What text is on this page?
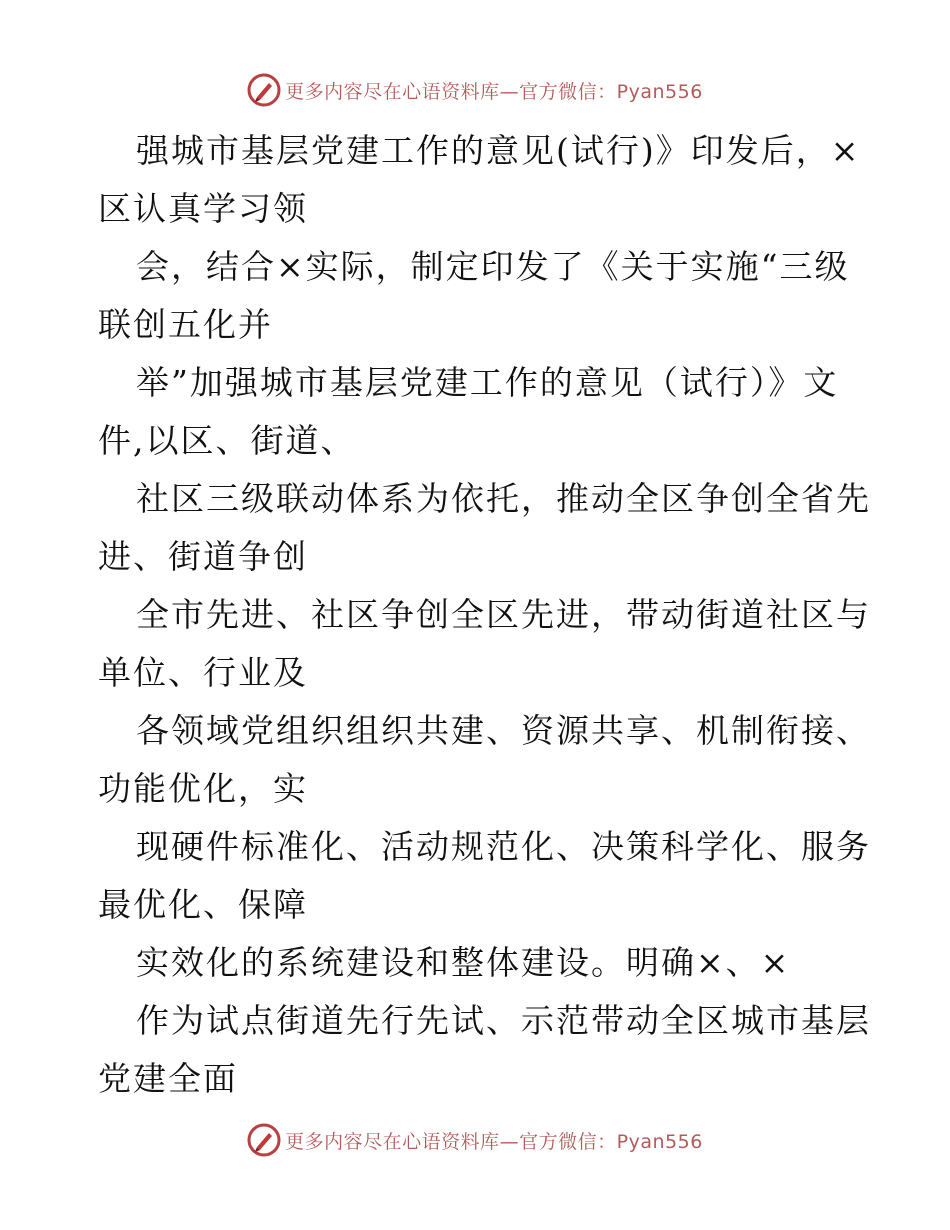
更多内容尽在心语资料库—官方微信：Pyan556
强城市基层党建工作的意见(试行)》印发后，×
区认真学习领
会，结合×实际，制定印发了《关于实施“三级
联创五化并
举”加强城市基层党建工作的意见（试行）》文
件,以区、街道、
社区三级联动体系为依托，推动全区争创全省先
进、街道争创
全市先进、社区争创全区先进，带动街道社区与
单位、行业及
各领域党组织组织共建、资源共享、机制衔接、
功能优化，实
现硬件标准化、活动规范化、决策科学化、服务
最优化、保障
实效化的系统建设和整体建设。明确×、×
作为试点街道先行先试、示范带动全区城市基层
党建全面
更多内容尽在心语资料库—官方微信：Pyan556
